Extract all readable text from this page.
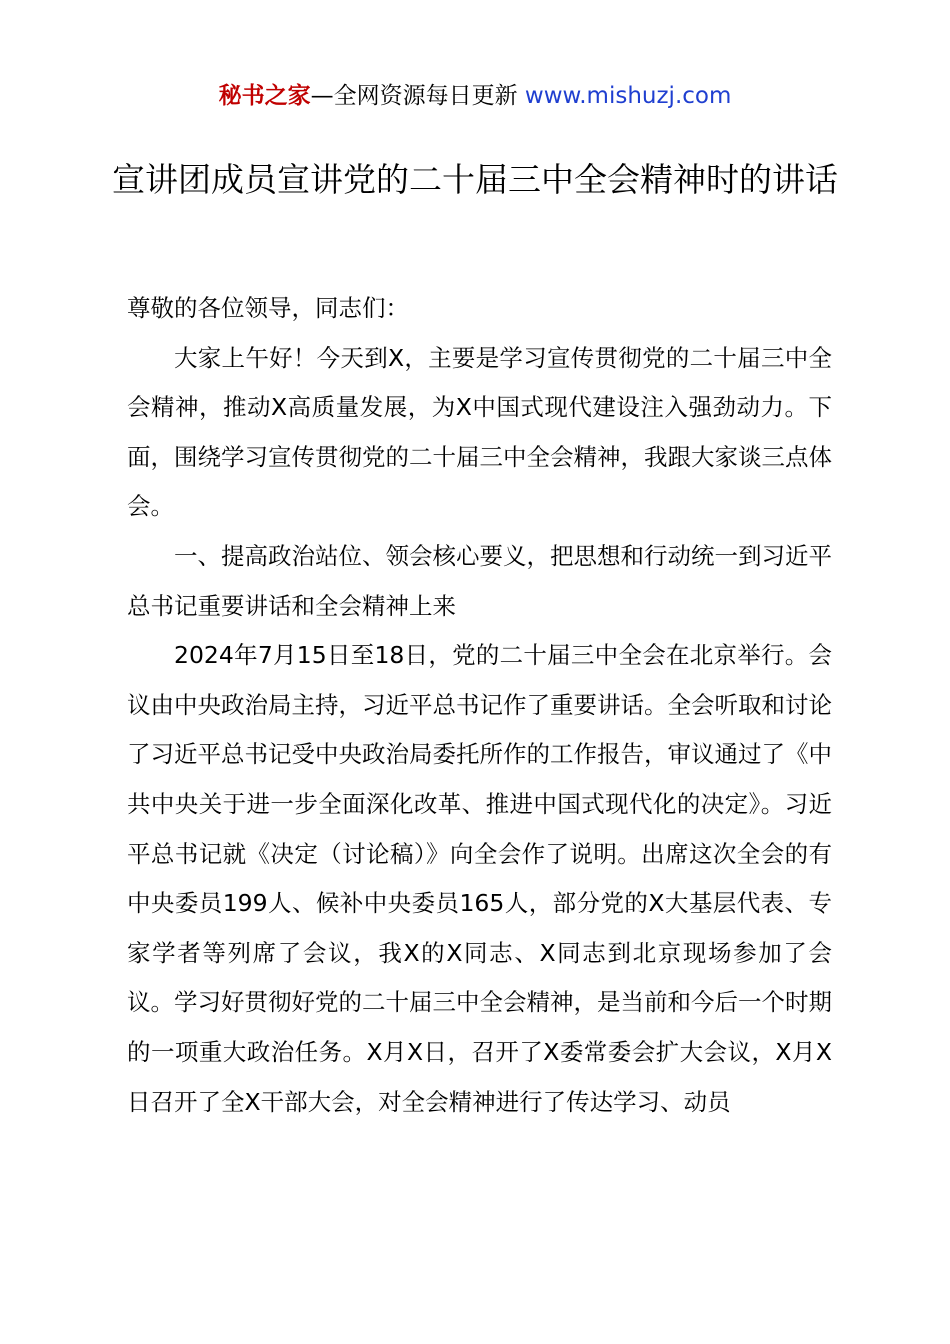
秘书之家—全网资源每日更新 www.mishuzj.com
宣讲团成员宣讲党的二十届三中全会精神时的讲话

尊敬的各位领导，同志们：

大家上午好！今天到X，主要是学习宣传贯彻党的二十届三中全会精神，推动X高质量发展，为X中国式现代建设注入强劲动力。下面，围绕学习宣传贯彻党的二十届三中全会精神，我跟大家谈三点体会。

一、提高政治站位、领会核心要义，把思想和行动统一到习近平总书记重要讲话和全会精神上来

2024年7月15日至18日，党的二十届三中全会在北京举行。会议由中央政治局主持，习近平总书记作了重要讲话。全会听取和讨论了习近平总书记受中央政治局委托所作的工作报告，审议通过了《中共中央关于进一步全面深化改革、推进中国式现代化的决定》。习近平总书记就《决定（讨论稿）》向全会作了说明。出席这次全会的有中央委员199人、候补中央委员165人，部分党的X大基层代表、专家学者等列席了会议，我X的X同志、X同志到北京现场参加了会议。学习好贯彻好党的二十届三中全会精神，是当前和今后一个时期的一项重大政治任务。X月X日，召开了X委常委会扩大会议，X月X日召开了全X干部大会，对全会精神进行了传达学习、动员
